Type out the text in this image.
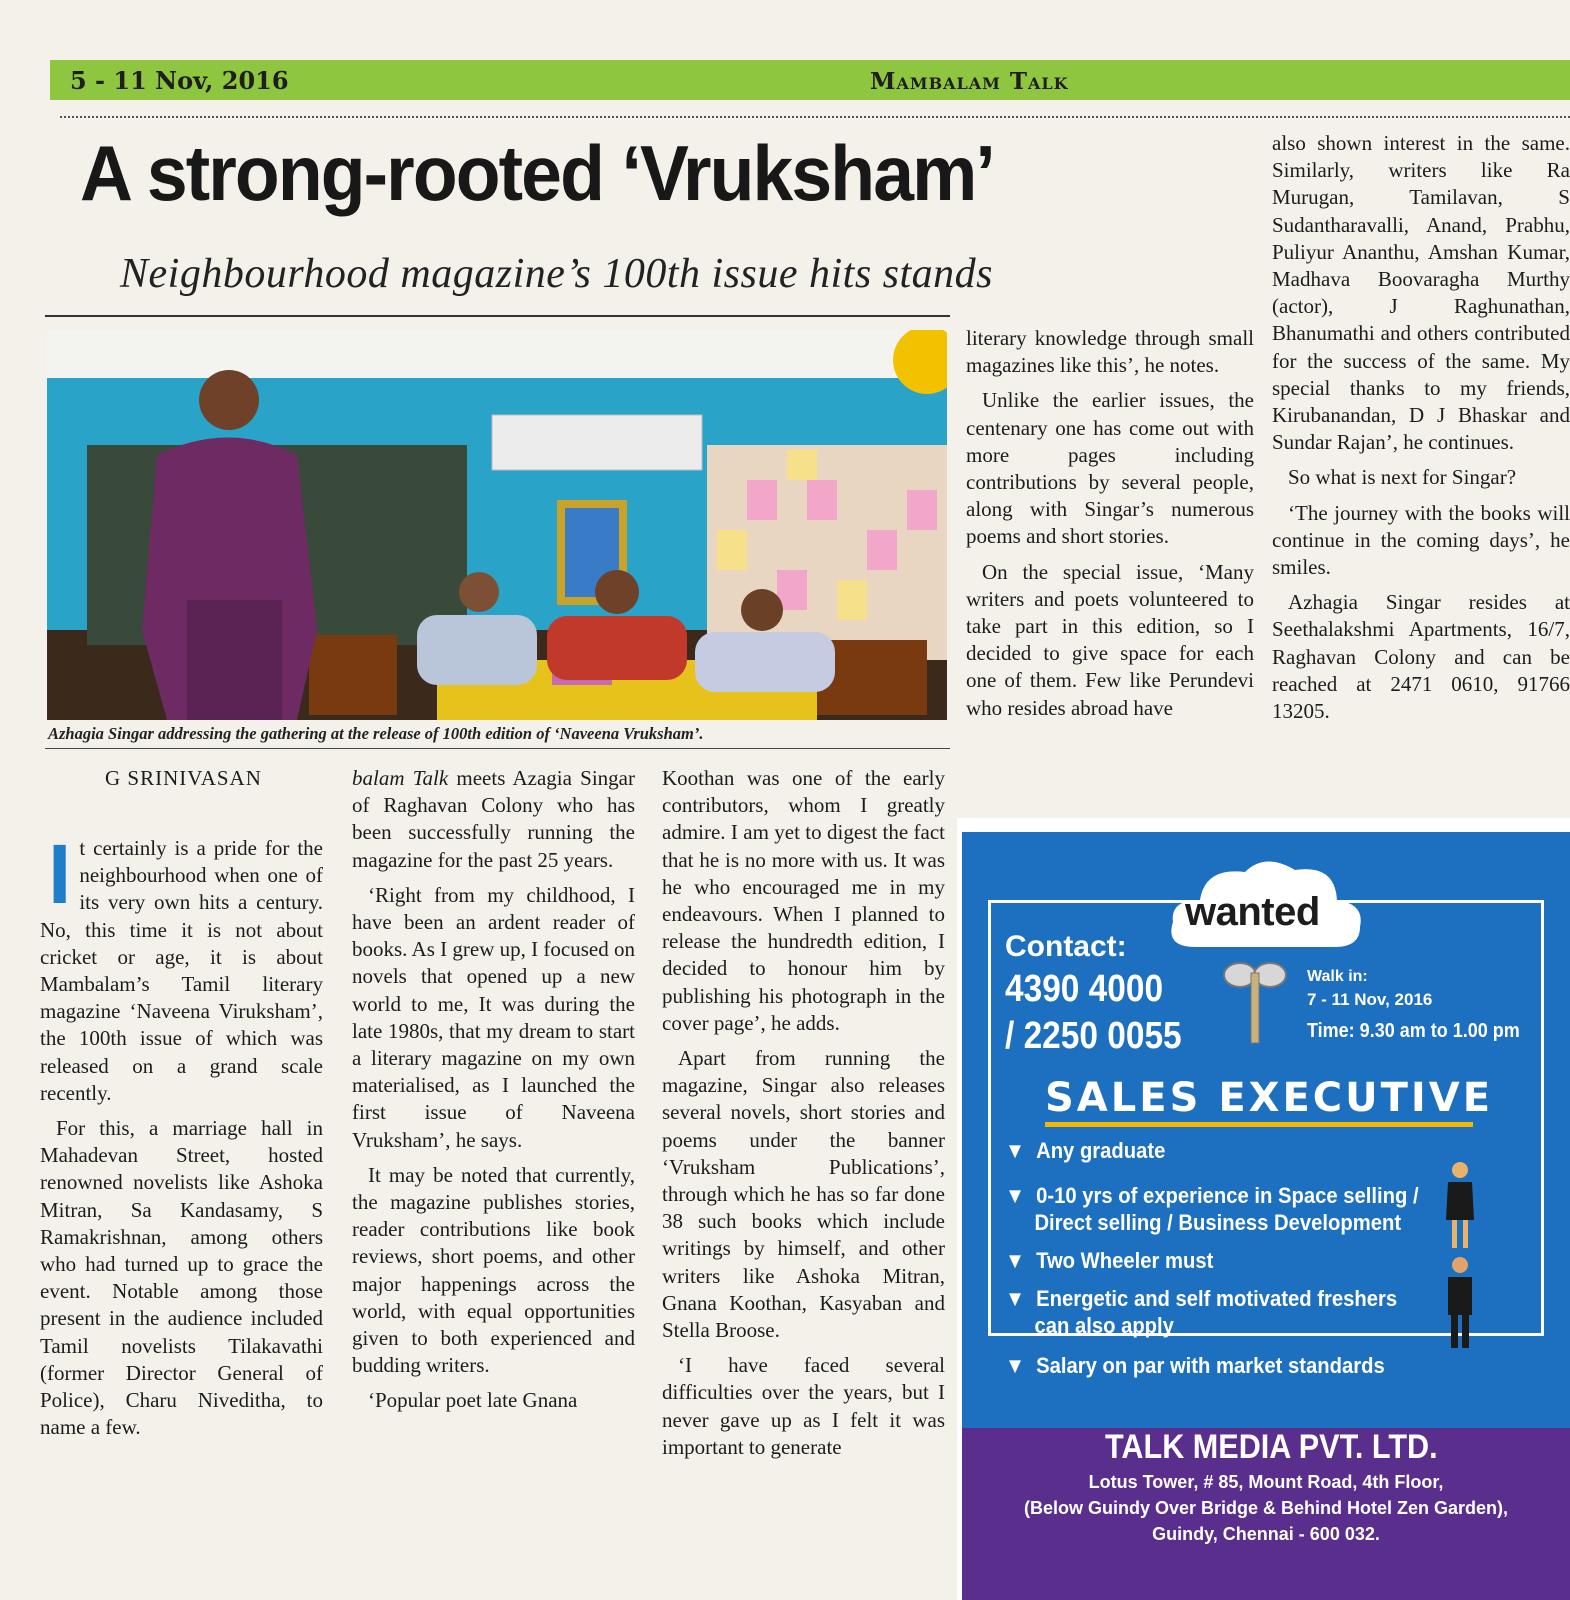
5 - 11 Nov, 2016	Mambalam Talk
A strong-rooted ‘Vruksham’
Neighbourhood magazine’s 100th issue hits stands
Azhagia Singar addressing the gathering at the release of 100th edition of ‘Naveena Vruksham’.
G SRINIVASAN

It certainly is a pride for the neighbourhood when one of its very own hits a century. No, this time it is not about cricket or age, it is about Mambalam’s Tamil literary magazine ‘Naveena Viruksham’, the 100th issue of which was released on a grand scale recently.

For this, a marriage hall in Mahadevan Street, hosted renowned novelists like Ashoka Mitran, Sa Kandasamy, S Ramakrishnan, among others who had turned up to grace the event. Notable among those present in the audience included Tamil novelists Tilakavathi (former Director General of Police), Charu Niveditha, to name a few.

balam Talk meets Azagia Singar of Raghavan Colony who has been successfully running the magazine for the past 25 years.

‘Right from my childhood, I have been an ardent reader of books. As I grew up, I focused on novels that opened up a new world to me, It was during the late 1980s, that my dream to start a literary magazine on my own materialised, as I launched the first issue of Naveena Vruksham’, he says.

It may be noted that currently, the magazine publishes stories, reader contributions like book reviews, short poems, and other major happenings across the world, with equal opportunities given to both experienced and budding writers.

‘Popular poet late Gnana

Koothan was one of the early contributors, whom I greatly admire. I am yet to digest the fact that he is no more with us. It was he who encouraged me in my endeavours. When I planned to release the hundredth edition, I decided to honour him by publishing his photograph in the cover page’, he adds.

Apart from running the magazine, Singar also releases several novels, short stories and poems under the banner ‘Vruksham Publications’, through which he has so far done 38 such books which include writings by himself, and other writers like Ashoka Mitran, Gnana Koothan, Kasyaban and Stella Broose.

‘I have faced several difficulties over the years, but I never gave up as I felt it was important to generate

literary knowledge through small magazines like this’, he notes.

Unlike the earlier issues, the centenary one has come out with more pages including contributions by several people, along with Singar’s numerous poems and short stories.

On the special issue, ‘Many writers and poets volunteered to take part in this edition, so I decided to give space for each one of them. Few like Perundevi who resides abroad have

also shown interest in the same. Similarly, writers like Ra Murugan, Tamilavan, S Sudantharavalli, Anand, Prabhu, Puliyur Ananthu, Amshan Kumar, Madhava Boovaragha Murthy (actor), J Raghunathan, Bhanumathi and others contributed for the success of the same. My special thanks to my friends, Kirubanandan, D J Bhaskar and Sundar Rajan’, he continues.

So what is next for Singar?

‘The journey with the books will continue in the coming days’, he smiles.

Azhagia Singar resides at Seethalakshmi Apartments, 16/7, Raghavan Colony and can be reached at 2471 0610, 91766 13205.

wanted
Contact:
4390 4000
/ 2250 0055
Walk in:
7 - 11 Nov, 2016
Time: 9.30 am to 1.00 pm
SALES EXECUTIVE
▼ Any graduate
▼ 0-10 yrs of experience in Space selling /
Direct selling / Business Development
▼ Two Wheeler must
▼ Energetic and self motivated freshers
can also apply
▼ Salary on par with market standards
TALK MEDIA PVT. LTD.
Lotus Tower, # 85, Mount Road, 4th Floor,
(Below Guindy Over Bridge & Behind Hotel Zen Garden),
Guindy, Chennai - 600 032.
